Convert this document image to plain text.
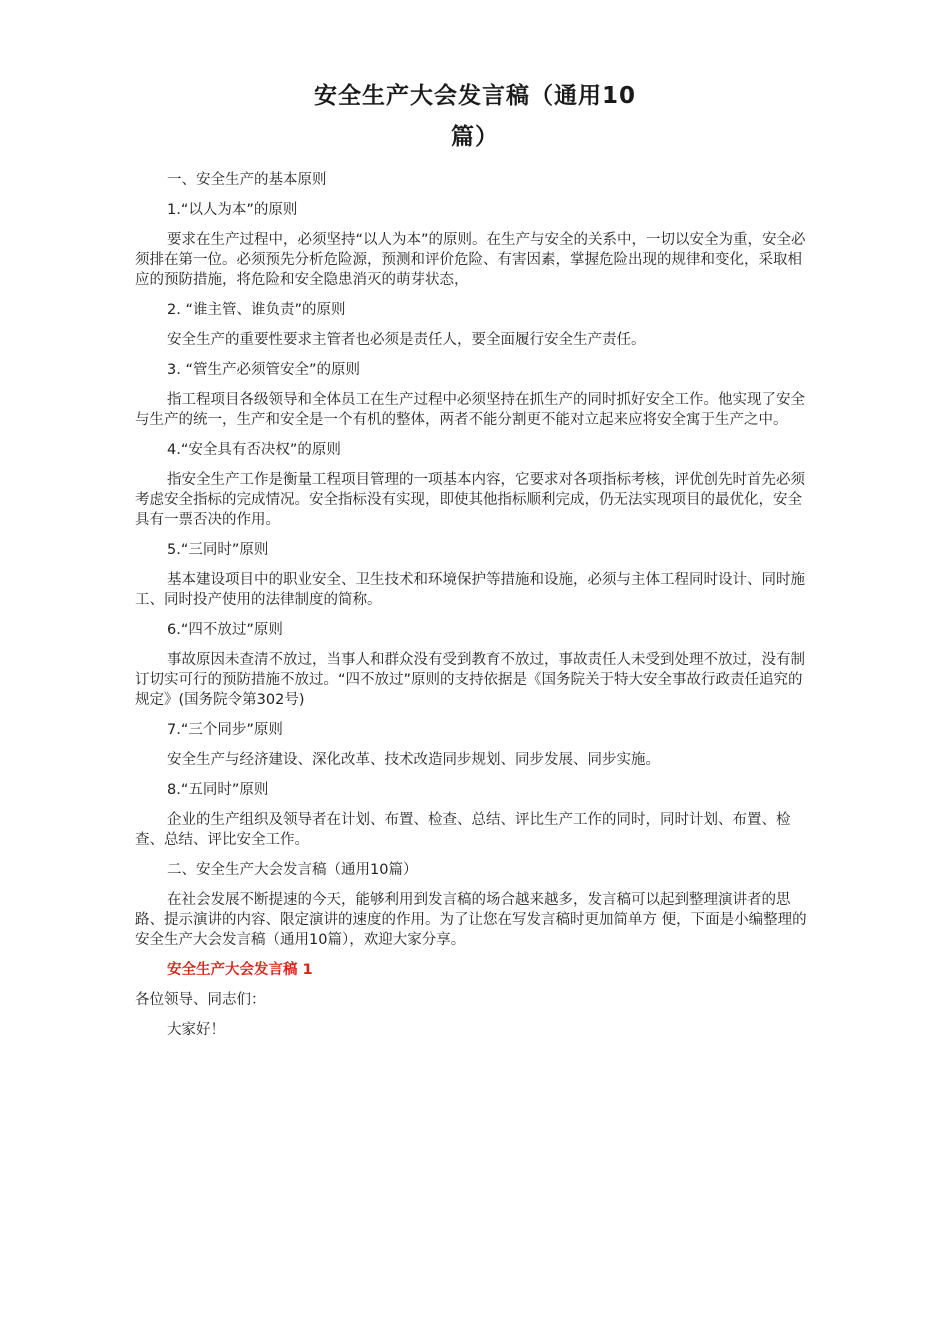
安全生产大会发言稿（通用10
篇）

一、安全生产的基本原则

1.“以人为本”的原则

要求在生产过程中，必须坚持“以人为本”的原则。在生产与安全的关系中，一切以安全为重，安全必须排在第一位。必须预先分析危险源，预测和评价危险、有害因素，掌握危险出现的规律和变化，采取相应的预防措施，将危险和安全隐患消灭的萌芽状态，

2. “谁主管、谁负责”的原则

安全生产的重要性要求主管者也必须是责任人，要全面履行安全生产责任。

3. “管生产必须管安全”的原则

指工程项目各级领导和全体员工在生产过程中必须坚持在抓生产的同时抓好安全工作。他实现了安全与生产的统一，生产和安全是一个有机的整体，两者不能分割更不能对立起来应将安全寓于生产之中。

4.“安全具有否决权”的原则

指安全生产工作是衡量工程项目管理的一项基本内容，它要求对各项指标考核，评优创先时首先必须考虑安全指标的完成情况。安全指标没有实现，即使其他指标顺利完成，仍无法实现项目的最优化，安全具有一票否决的作用。

5.“三同时”原则

基本建设项目中的职业安全、卫生技术和环境保护等措施和设施，必须与主体工程同时设计、同时施工、同时投产使用的法律制度的简称。

6.“四不放过”原则

事故原因未查清不放过，当事人和群众没有受到教育不放过，事故责任人未受到处理不放过，没有制订切实可行的预防措施不放过。“四不放过”原则的支持依据是《国务院关于特大安全事故行政责任追究的规定》(国务院令第302号)

7.“三个同步”原则

安全生产与经济建设、深化改革、技术改造同步规划、同步发展、同步实施。

8.“五同时”原则

企业的生产组织及领导者在计划、布置、检查、总结、评比生产工作的同时，同时计划、布置、检查、总结、评比安全工作。

二、安全生产大会发言稿（通用10篇）

在社会发展不断提速的今天，能够利用到发言稿的场合越来越多，发言稿可以起到整理演讲者的思路、提示演讲的内容、限定演讲的速度的作用。为了让您在写发言稿时更加简单方 便，下面是小编整理的安全生产大会发言稿（通用10篇），欢迎大家分享。

安全生产大会发言稿 1

各位领导、同志们：

大家好！
